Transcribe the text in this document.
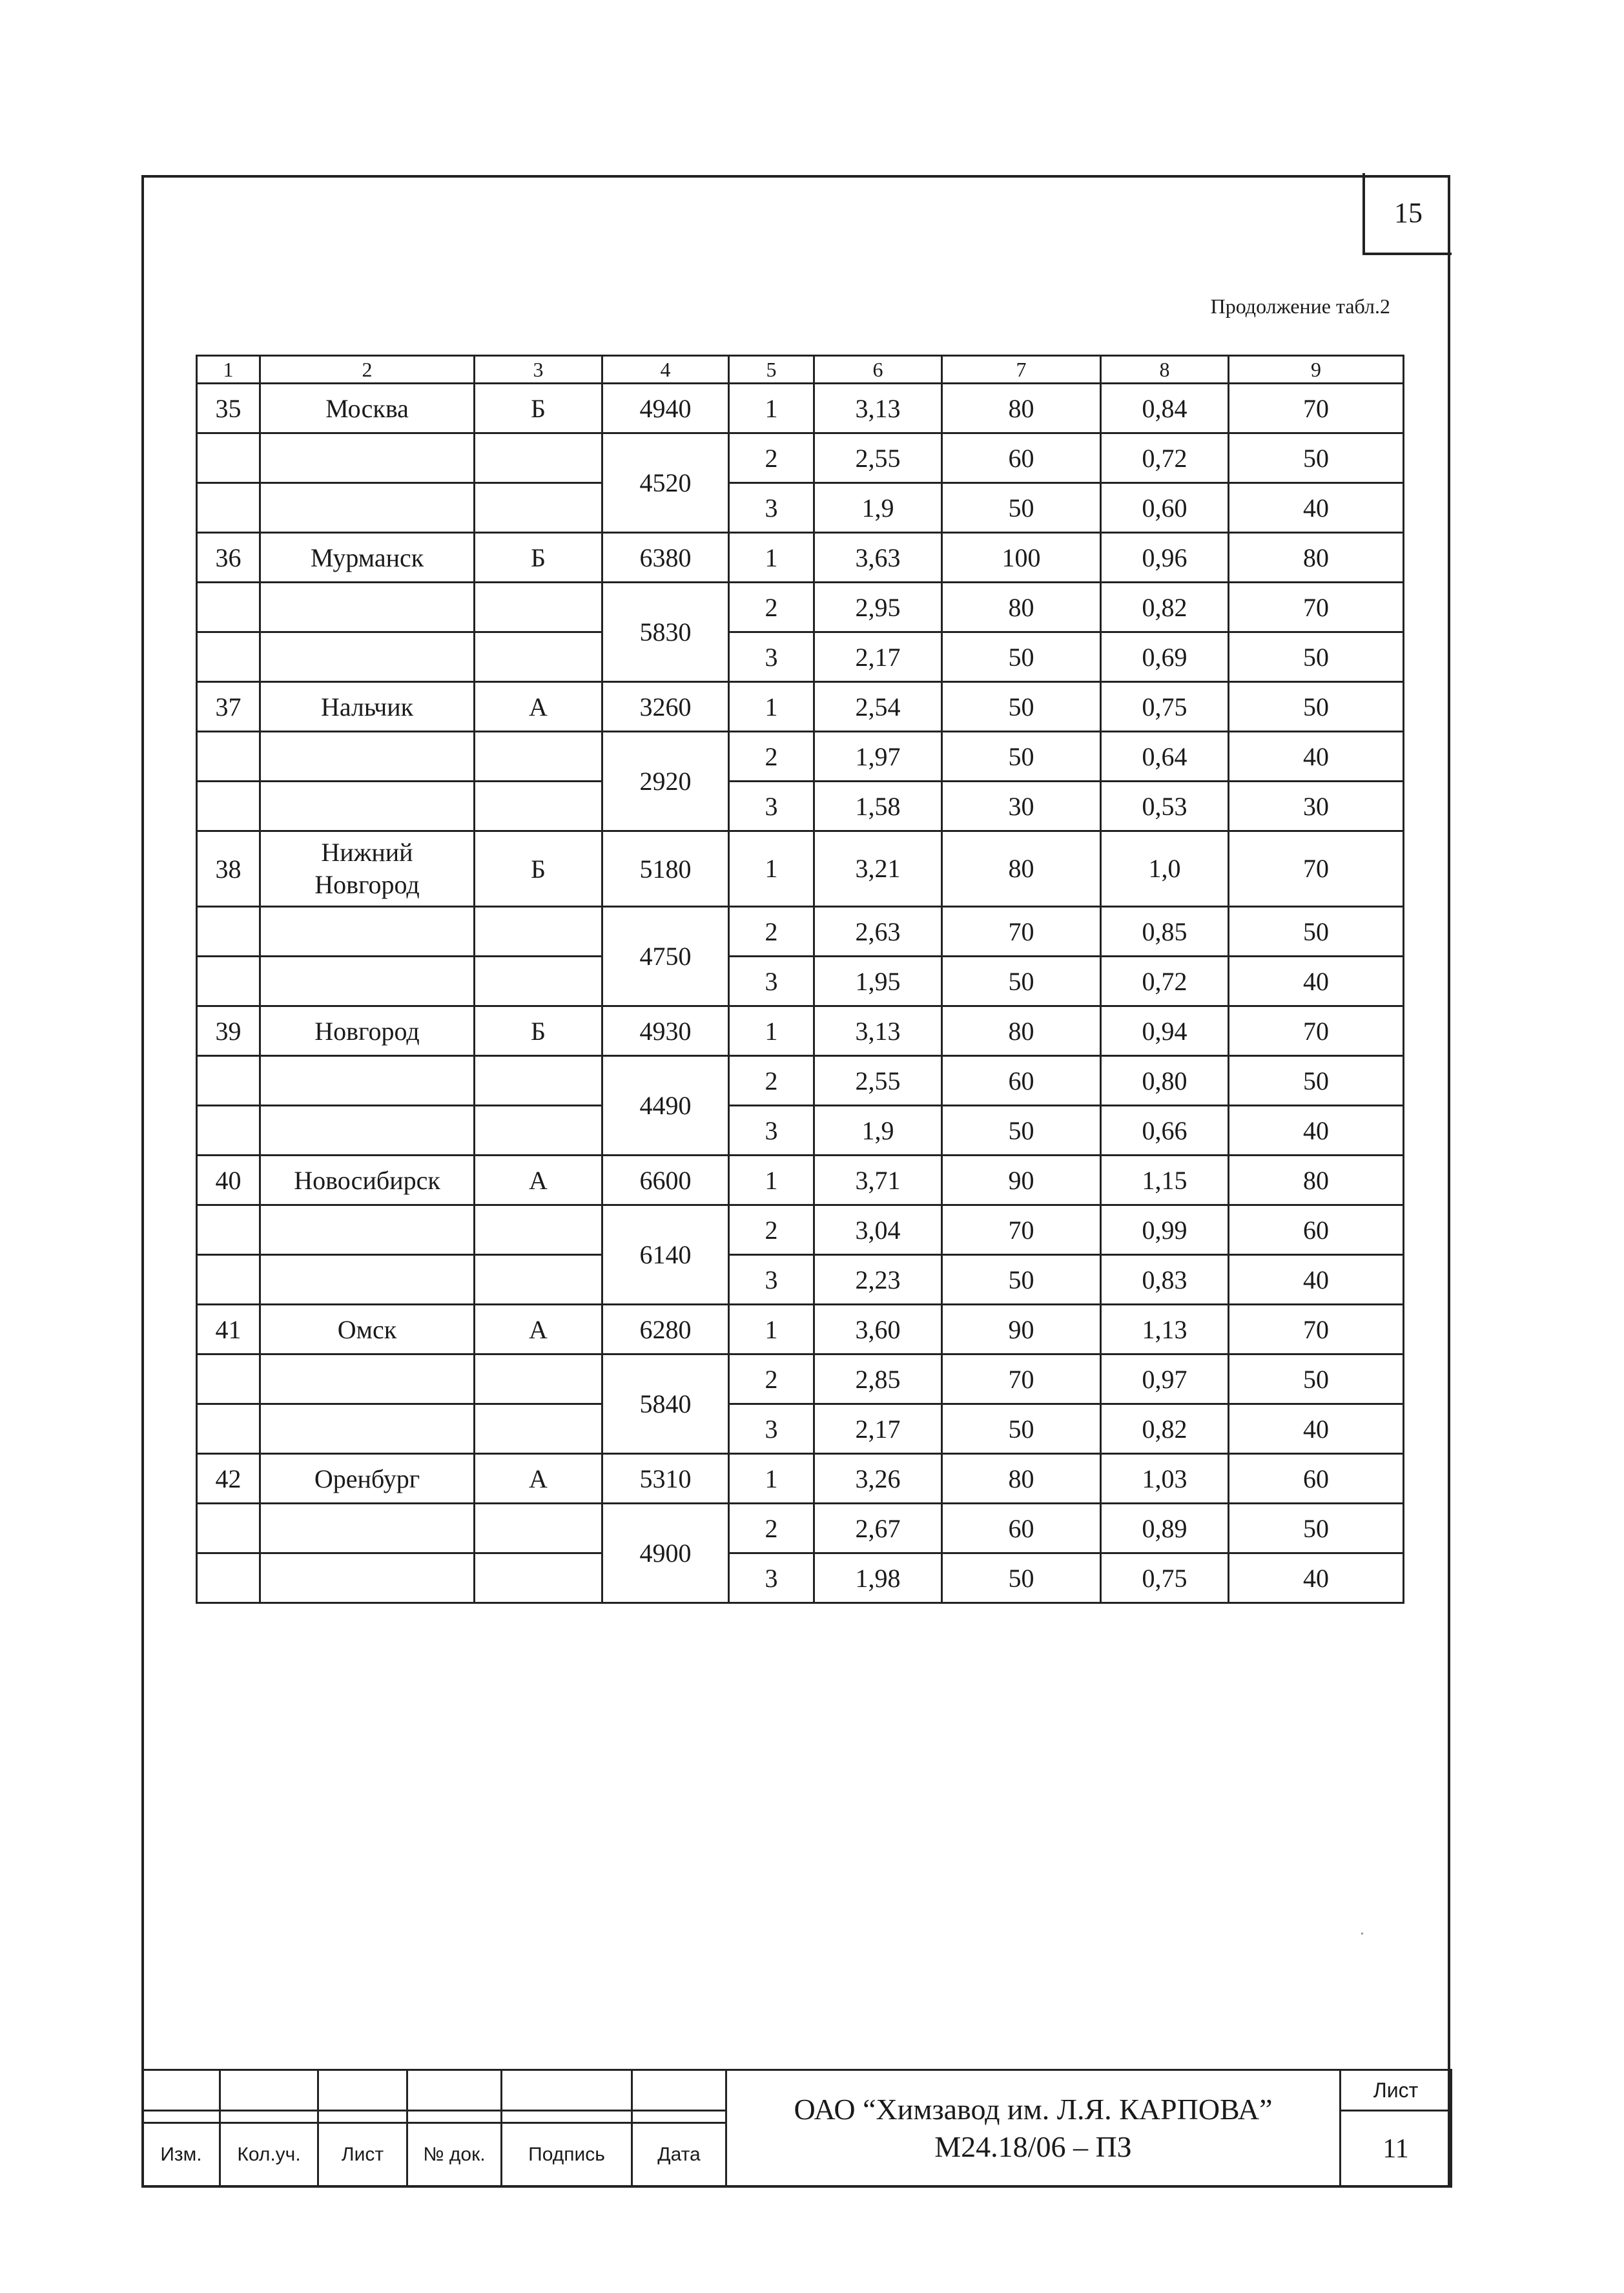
15
Продолжение табл.2
1	2	3	4	5	6	7	8	9
35	Москва	Б	4940	1	3,13	80	0,84	70
			4520	2	2,55	60	0,72	50
				3	1,9	50	0,60	40
36	Мурманск	Б	6380	1	3,63	100	0,96	80
			5830	2	2,95	80	0,82	70
				3	2,17	50	0,69	50
37	Нальчик	А	3260	1	2,54	50	0,75	50
			2920	2	1,97	50	0,64	40
				3	1,58	30	0,53	30
38	Нижний Новгород	Б	5180	1	3,21	80	1,0	70
			4750	2	2,63	70	0,85	50
				3	1,95	50	0,72	40
39	Новгород	Б	4930	1	3,13	80	0,94	70
			4490	2	2,55	60	0,80	50
				3	1,9	50	0,66	40
40	Новосибирск	А	6600	1	3,71	90	1,15	80
			6140	2	3,04	70	0,99	60
				3	2,23	50	0,83	40
41	Омск	А	6280	1	3,60	90	1,13	70
			5840	2	2,85	70	0,97	50
				3	2,17	50	0,82	40
42	Оренбург	А	5310	1	3,26	80	1,03	60
			4900	2	2,67	60	0,89	50
				3	1,98	50	0,75	40

						ОАО “Химзавод им. Л.Я. КАРПОВА”
М24.18/06 – ПЗ	Лист
							11
Изм.	Кол.уч.	Лист	№ док.	Подпись	Дата		
